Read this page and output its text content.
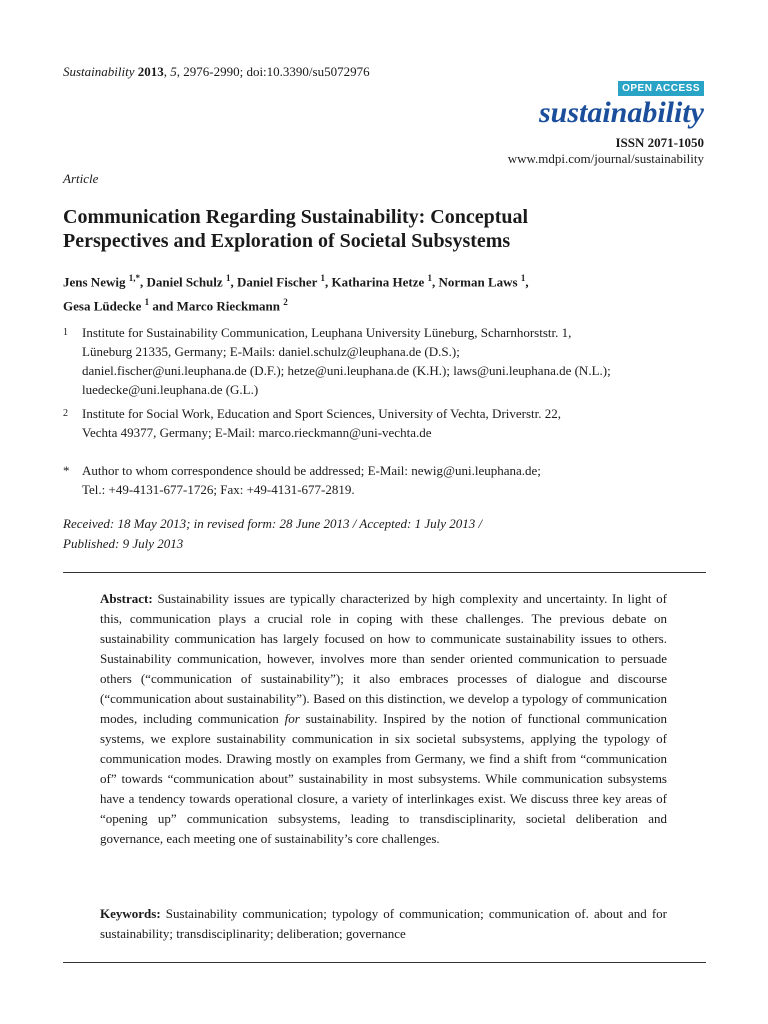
Sustainability 2013, 5, 2976-2990; doi:10.3390/su5072976
OPEN ACCESS
sustainability
ISSN 2071-1050
www.mdpi.com/journal/sustainability
Article
Communication Regarding Sustainability: Conceptual
Perspectives and Exploration of Societal Subsystems
Jens Newig $^{1,*}$, Daniel Schulz $^1$, Daniel Fischer $^1$, Katharina Hetze $^1$, Norman Laws $^1$,
Gesa Lüdecke $^1$ and Marco Rieckmann $^2$
1 Institute for Sustainability Communication, Leuphana University Lüneburg, Scharnhorststr. 1,
Lüneburg 21335, Germany; E-Mails: daniel.schulz@leuphana.de (D.S.);
daniel.fischer@uni.leuphana.de (D.F.); hetze@uni.leuphana.de (K.H.); laws@uni.leuphana.de (N.L.);
luedecke@uni.leuphana.de (G.L.)
2 Institute for Social Work, Education and Sport Sciences, University of Vechta, Driverstr. 22,
Vechta 49377, Germany; E-Mail: marco.rieckmann@uni-vechta.de
* Author to whom correspondence should be addressed; E-Mail: newig@uni.leuphana.de;
Tel.: +49-4131-677-1726; Fax: +49-4131-677-2819.
Received: 18 May 2013; in revised form: 28 June 2013 / Accepted: 1 July 2013 /
Published: 9 July 2013
Abstract: Sustainability issues are typically characterized by high complexity and uncertainty. In light of this, communication plays a crucial role in coping with these challenges. The previous debate on sustainability communication has largely focused on how to communicate sustainability issues to others. Sustainability communication, however, involves more than sender oriented communication to persuade others (“communication of sustainability”); it also embraces processes of dialogue and discourse (“communication about sustainability”). Based on this distinction, we develop a typology of communication modes, including communication for sustainability. Inspired by the notion of functional communication systems, we explore sustainability communication in six societal subsystems, applying the typology of communication modes. Drawing mostly on examples from Germany, we find a shift from “communication of” towards “communication about” sustainability in most subsystems. While communication subsystems have a tendency towards operational closure, a variety of interlinkages exist. We discuss three key areas of “opening up” communication subsystems, leading to transdisciplinarity, societal deliberation and governance, each meeting one of sustainability’s core challenges.
Keywords: Sustainability communication; typology of communication; communication of. about and for sustainability; transdisciplinarity; deliberation; governance
